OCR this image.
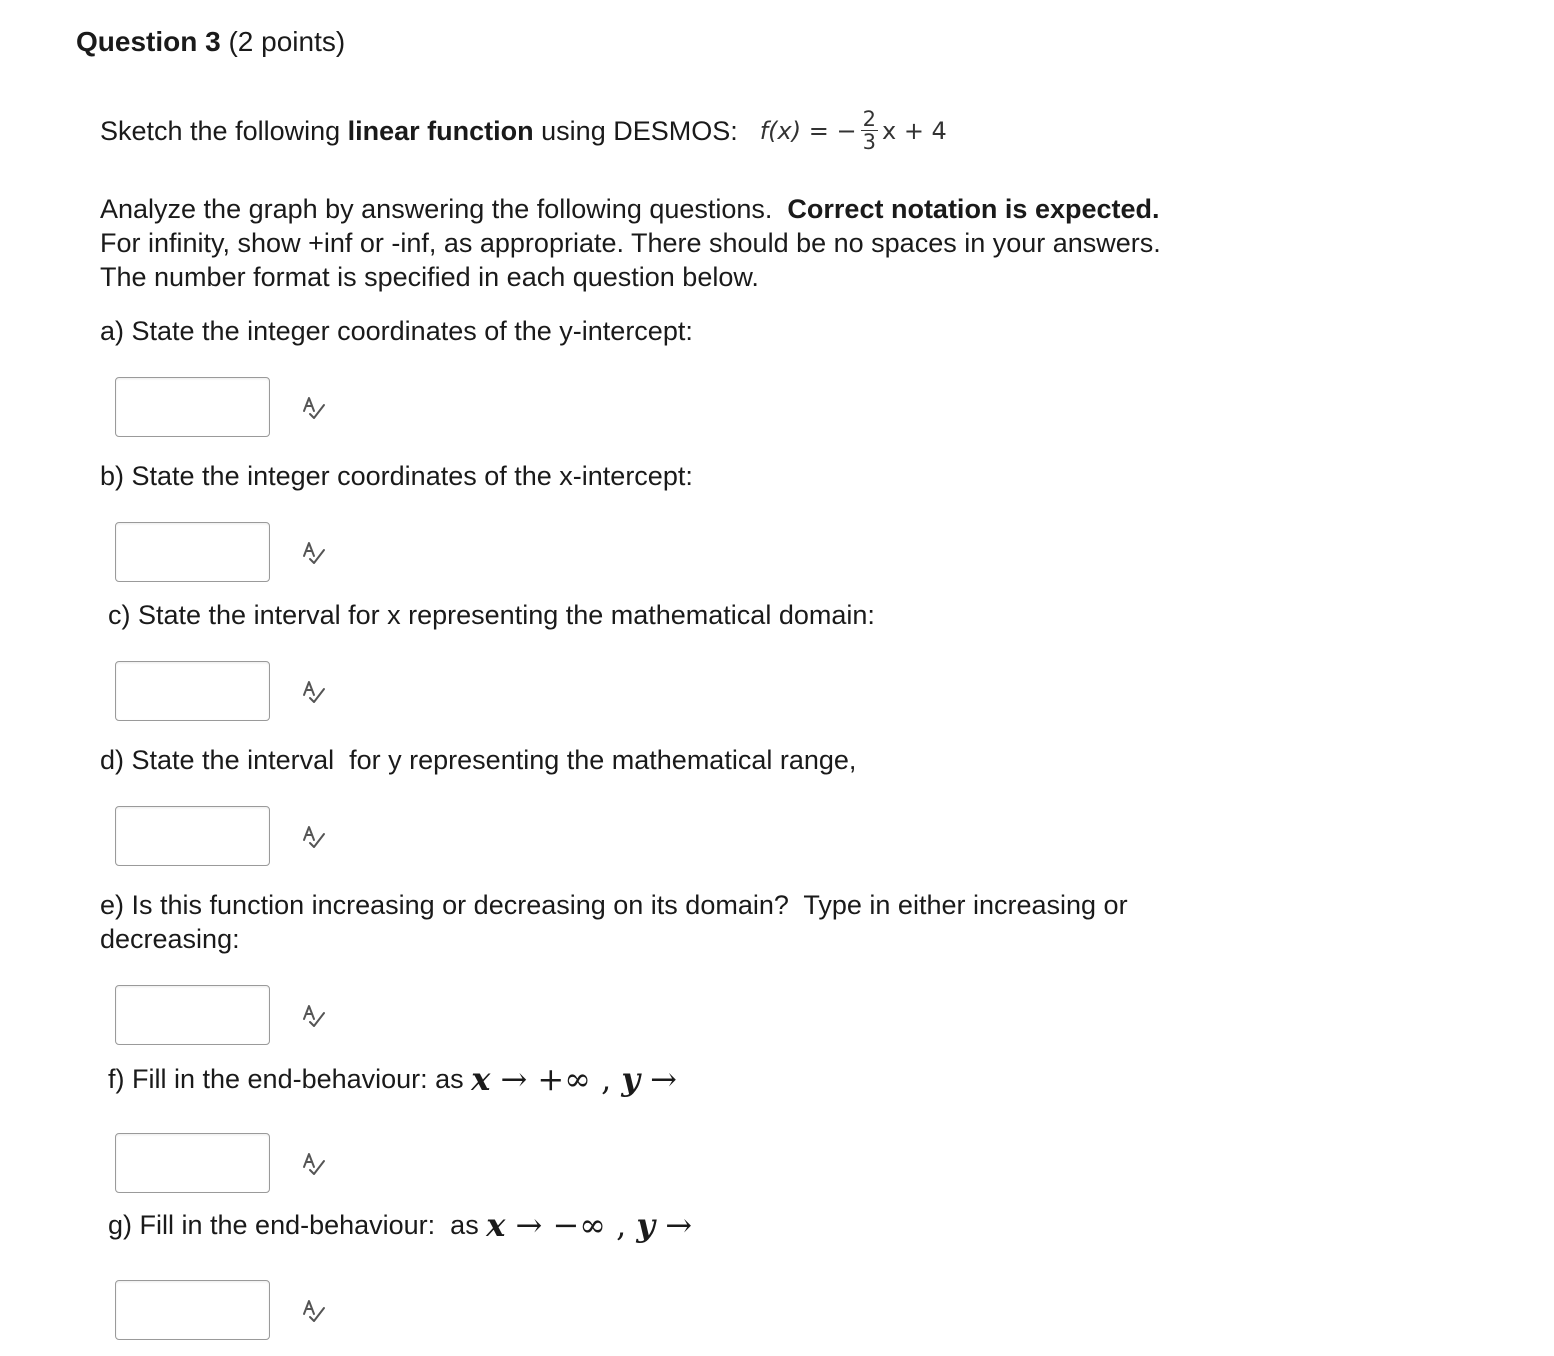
Question 3 (2 points)
Sketch the following linear function using DESMOS: f(x) = − $\frac{2}{3}$ x + 4
Analyze the graph by answering the following questions.  Correct notation is expected.  For infinity, show +inf or -inf, as appropriate. There should be no spaces in your answers.  The number format is specified in each question below.
a) State the integer coordinates of the y-intercept:
b) State the integer coordinates of the x-intercept:
c) State the interval for x representing the mathematical domain:
d) State the interval  for y representing the mathematical range,
e) Is this function increasing or decreasing on its domain?  Type in either increasing or decreasing:
f) Fill in the end-behaviour: as x → +∞ , y →
g) Fill in the end-behaviour:  as x → −∞ , y →
